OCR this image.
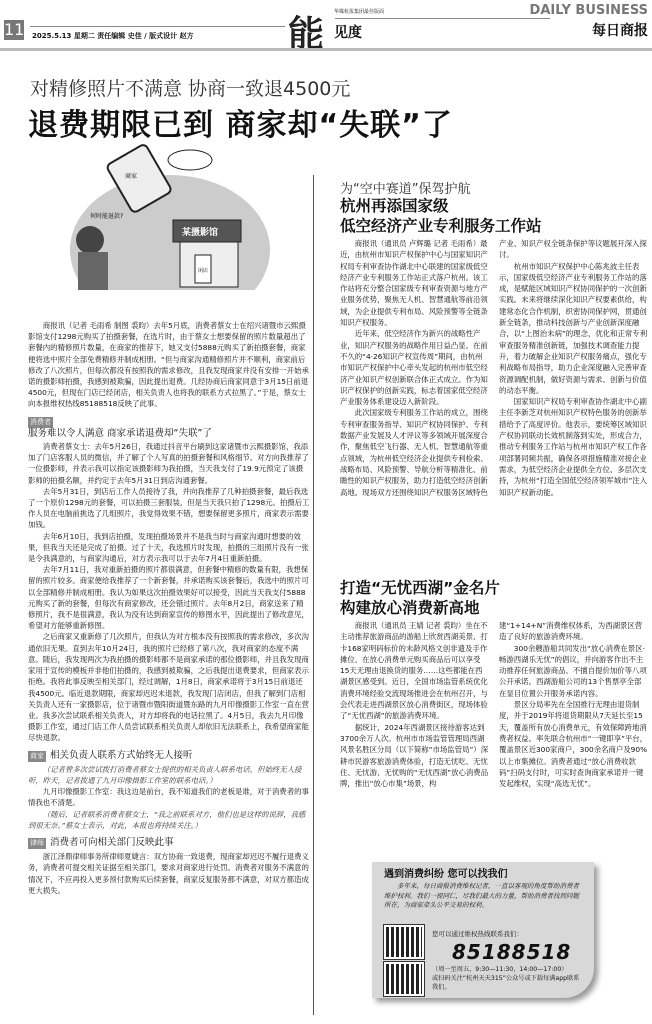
11 2025.5.13 星期二 责任编辑 史佳 / 版式设计 赵方	能
华媒杭报集团最佳版面
见度
DAILY BUSINESS
每日商报
对精修照片不满意 协商一致退4500元
退费期限已到 商家却“失联”了
商家
某摄影馆
闭店
何时能退款?

商报讯（记者 毛雨希 制图 裘昀）去年5月底，消费者蔡女士在绍兴诸暨市云熙摄影馆支付1298元购买了拍摄套餐，在选片时，由于蔡女士想要保留的照片数量超出了套餐内的精修照片数量，在商家的推荐下，她又支付5888元购买了新拍摄套餐，商家便将选中照片全部免费精修并制成相册。“但与商家沟通精修照片并不顺利，商家前后修改了八次照片，但每次都没有按照我的需求修改，且我发现商家并没有安排一开始承诺的摄影师拍摄，我感到被欺骗，因此提出退费。几经协商后商家同意于3月15日前退4500元，但现在门店已经闭店，相关负责人也将我的联系方式拉黑了。”于是，蔡女士向本报维权热线85188518反映了此事。

消费者
服务难以令人满意 商家承诺退费却“失联”了

消费者蔡女士：去年5月26日，我通过抖音平台刷到这家诸暨市云熙摄影馆，我添加了门店客服人员的微信，并了解了个人写真的拍摄套餐和风格细节。对方向我推荐了一位摄影师，并表示我可以指定该摄影师为我拍摄，当天我支付了19.9元预定了该摄影师的拍摄名额，并约定于去年5月31日到店沟通套餐。

去年5月31日，到店后工作人员接待了我，并向我推荐了几种拍摄套餐，最后我选了一个原价1298元的套餐，可以拍摄三套服装，但是当天我只拍了1298元。拍摄后工作人员在电脑前挑选了几组照片，我觉得效果不错，想要保留更多照片，商家表示需要加钱。

去年6月10日，我到店拍摄，发现拍摄场景并不是我当时与商家沟通时想要的效果，但我当天还是完成了拍摄。过了十天，我选照片时发现，拍摄的三组照片没有一张是令我满意的，与商家沟通后，对方表示我可以于去年7月4日重新拍摄。

去年7月11日，我对重新拍摄的照片都很满意，但套餐中精修的数量有限，我想保留的照片较多。商家便给我推荐了一个新套餐，并承诺购买该套餐后，我选中的照片可以全部精修并制成相册。我认为如果这次拍摄效果好可以接受，因此当天我支付5888元购买了新的套餐，但每次有商家修改，还会错过照片。去年8月2日，商家送来了精修照片，我不是很满意，我认为没有达到商家宣传的修图水平，因此提出了修改意见，希望对方能够重新修图。

之后商家又重新修了几次照片，但我认为对方根本没有按照我的需求修改，多次沟通依旧无果。直到去年10月24日，我的照片已经修了第八次，我对商家的态度不满意。随后，我发现两次为我拍摄的摄影师都不是商家承诺的那位摄影师，并且我发现商家用于宣传的模板并非他们拍摄的，我感到被欺骗，之后我提出退费要求，但商家表示拒绝。我将此事反映至相关部门，经过调解，1月8日，商家承诺将于3月15日前退还我4500元。临近退款期限，商家却迟迟未退款，我发现门店闭店，但我了解到门店相关负责人还有一家摄影店，位于诸暨市暨阳街道暨东路的九月印像摄影工作室一直在营业。我多次尝试联系相关负责人，对方却将我的电话拉黑了。4月5日，我去九月印像摄影工作室，通过门店工作人员尝试联系相关负责人却依旧无法联系上，我希望商家能尽快退款。

商家 相关负责人联系方式始终无人接听

（记者曾多次尝试拨打消费者蔡女士提供的相关负责人联系电话，但始终无人接听，昨天，记者拨通了九月印像摄影工作室的联系电话。）

九月印像摄影工作室：我这边是前台，我不知道我们的老板是谁，对于消费者的事情我也不清楚。

（随后，记者联系消费者蔡女士，“我之前联系对方，他们也是这样的说辞，我感到很无奈。”蔡女士表示，对此，本报也将持续关注。）

律师 消费者可向相关部门反映此事

浙江泽鼎律师事务所律师夏婕言：双方协商一致退费，现商家却迟迟不履行退费义务，消费者可提交相关证据至相关部门，要求对商家进行处罚。消费者对服务不满意的情况下，不应再投入更多预付款购买后续套餐，商家反复服务都不满意，对双方都造成更大损失。

为“空中赛道”保驾护航
杭州再添国家级
低空经济产业专利服务工作站

商报讯（通讯员 卢辉璐 记者 毛雨希）最近，由杭州市知识产权保护中心与国家知识产权局专利审查协作湖北中心联建的国家级低空经济产业专利服务工作站正式落户杭州。该工作站将充分整合国家级专利审查资源与地方产业服务优势，聚焦无人机、智慧通航等前沿领域，为企业提供专利布局、风险预警等全链条知识产权服务。

近年来，低空经济作为新兴的战略性产业，知识产权服务的战略作用日益凸显。在前不久的“4·26知识产权宣传周”期间，由杭州市知识产权保护中心牵头发起的杭州市低空经济产业知识产权创新联合体正式成立。作为知识产权保护的创新实践，标志着国家低空经济产业服务体系建设迈入新阶段。

此次国家级专利服务工作站的成立，围绕专利审查服务指导、知识产权协同保护、专利数据产业发展及人才评议等多领域开展深度合作，聚焦低空飞行器、无人机、智慧通航等重点领域，为杭州低空经济企业提供专利检索、战略布局、风险预警、导航分析等精准化、前瞻性的知识产权服务，助力打造低空经济创新高地。现场双方还围绕知识产权服务区域特色产业、知识产权全链条保护等议题展开深入探讨。

杭州市知识产权保护中心陈兆波主任表示，国家级低空经济产业专利服务工作站的落成，是赋能区域知识产权协同保护的一次创新实践。未来将继续深化知识产权要素供给，构建常态化合作机制，织密协同保护网，贯通创新全链条，推动科技创新与产业创新深度融合，以“上图治未病”的理念，优化和正常专利审查服务精准创新链，加强技术调查能力提升，着力破解企业知识产权服务痛点，强化专利战略布局指导，助力企业深度融入完善审查资源调配机制，做好资源与需求、创新与价值的动态平衡。

国家知识产权局专利审查协作湖北中心副主任李新芝对杭州知识产权特色服务的创新举措给予了高度评价。他表示，要统筹区域知识产权协同联动长效机制落到实处，形成合力，推动专利服务工作站与杭州市知识产权工作各项部署同频共振，确保各项措施精准对接企业需求，为低空经济企业提供全方位、多层次支持，为杭州“打造全国低空经济领军城市”注入知识产权新动能。

打造“无忧西湖”金名片
构建放心消费新高地

商报讯（通讯员 王婧 记者 裘昀）坐在不主动推荐旅游商品的游船上欣赏西湖美景、打卡168家明码标价的未龄风格文创非遗及手作摊位、在放心消费单元购买商品后可以享受15天无理由退换货的服务……这些都能在西湖景区感受到。近日，全国市场监管系统优化消费环境经验交流现场推进会在杭州召开，与会代表走进西湖景区放心消费街区，现场体验了“无忧西湖”的旅游消费环境。

据统计，2024年西湖景区接待游客达到3700余万人次。杭州市市场监管管理局西湖风景名胜区分局（以下简称“市场监管局”）深耕市民游客旅游消费体验，打造无忧吃、无忧住、无忧游、无忧购的“无忧西湖”放心消费品牌，推出“放心市集”场景，构建“1+14+N”消费维权体系，为西湖景区营造了良好的旅游消费环境。

300余艘游船共同发出“放心消费在景区·畅游西湖乐无忧”的倡议，并向游客作出不主动推荐任何旅游商品、不擅自提价加价等八项公开承诺。西湖游船公司的13个售票亭全部在显目位置公开服务承诺内容。

景区分局率先在全国推行无理由退货制度，并于2019年将退货期限从7天延长至15天，覆盖所有放心消费单元，有效保障跨地消费者权益。率先联合杭州市“一键即享”平台，覆盖景区近300家商户，300余名商户及90%以上市集摊位。消费者通过“放心消费收款码”扫码支付时，可实时查询商家承诺并一键发起维权，实现“高选无忧”。

遇到消费纠纷 您可以找我们
多年来，每日商报消费维权记者，一直以客观的角度帮助消费者维护权利。我们一视同仁，尽我们最大的力量，帮助消费者找到问题所在，为商家牵头公平交易的权利。
您可以通过维权热线联系我们：
85188518
（周一至周五，9:30—11:30，14:00—17:00）
或扫码关注“杭州天天315”公众号或下载每满app联系我们。
